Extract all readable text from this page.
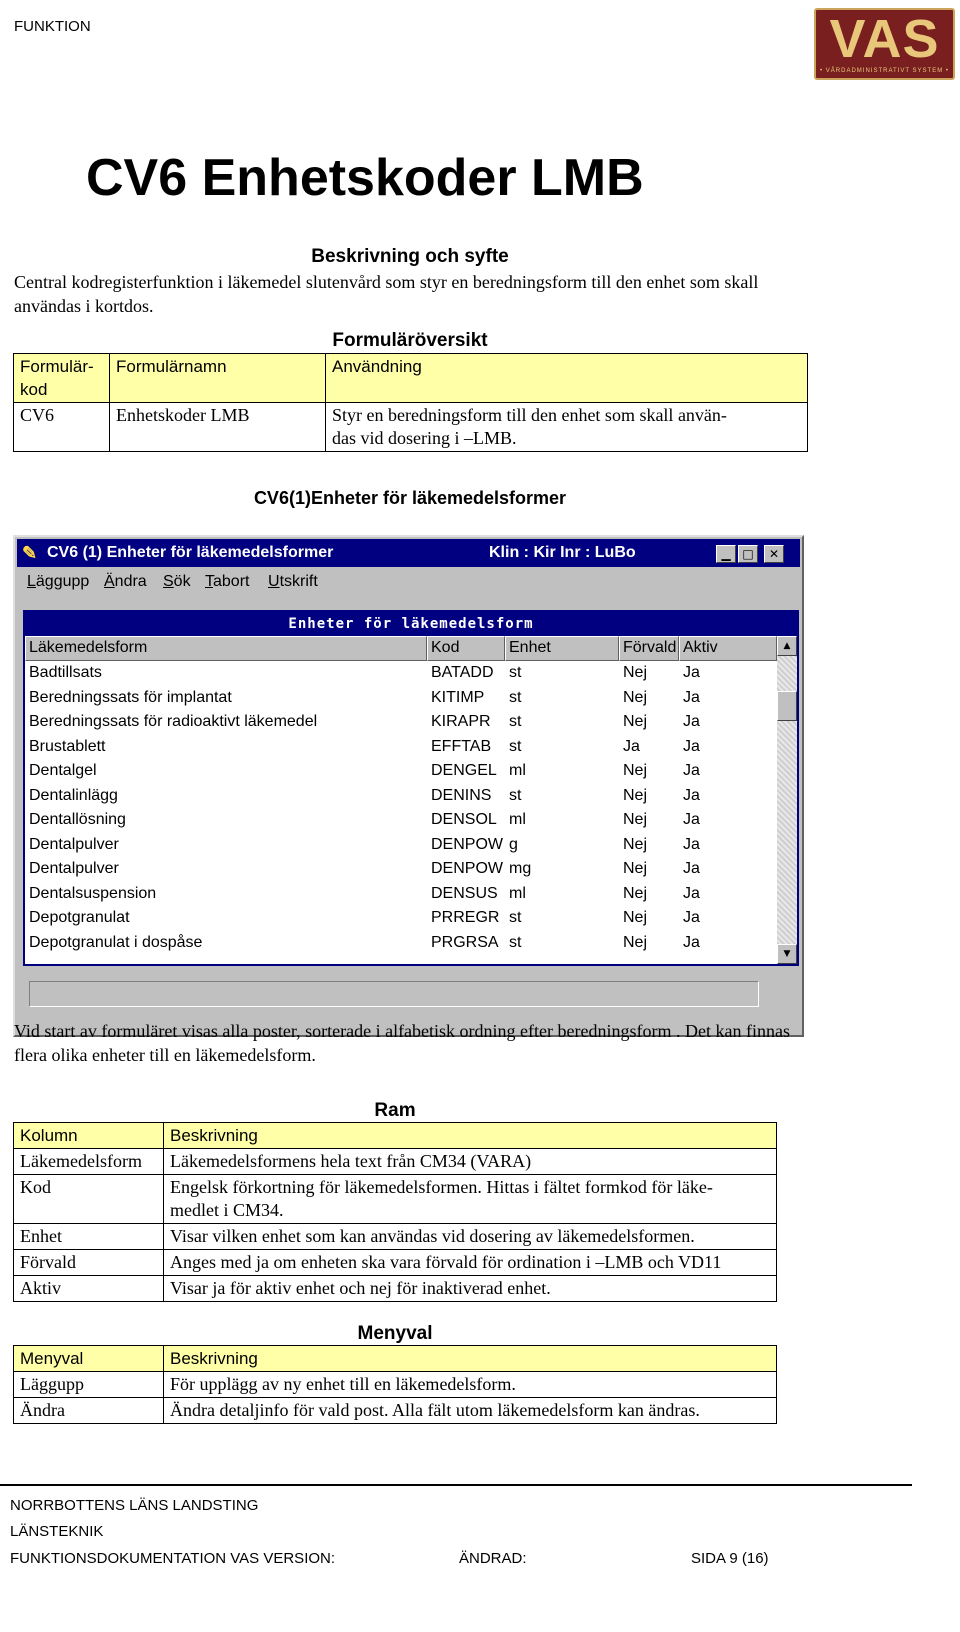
FUNKTION	VAS
• VÅRDADMINISTRATIVT SYSTEM •
CV6 Enhetskoder LMB
Beskrivning och syfte
Central kodregisterfunktion i läkemedel slutenvård som styr en beredningsform till den enhet som skall användas i kortdos.
Formuläröversikt
Formulär-
kod	Formulärnamn	Användning
CV6	Enhetskoder LMB	Styr en beredningsform till den enhet som skall använ-
das vid dosering i –LMB.
CV6(1)Enheter för läkemedelsformer
✎ CV6 (1) Enheter för läkemedelsformer	Klin : Kir Inr : LuBo	▁ □	✕
Läggupp Ändra Sök Tabort Utskrift
Enheter för läkemedelsform
Läkemedelsform	Kod	Enhet	Förvald Aktiv
Badtillsats	BATADD st	Nej Ja
Beredningssats för implantat	KITIMP st	Nej Ja
Beredningssats för radioaktivt läkemedel	KIRAPR st	Nej Ja
Brustablett	EFFTAB st	Ja	Ja
Dentalgel	DENGEL ml	Nej Ja
Dentalinlägg	DENINS st	Nej Ja
Dentallösning	DENSOL ml	Nej Ja
Dentalpulver	DENPOW g	Nej Ja
Dentalpulver	DENPOW mg	Nej Ja
Dentalsuspension	DENSUS ml	Nej Ja
Depotgranulat	PRREGR st	Nej Ja
Depotgranulat i dospåse	PRGRSA st	Nej Ja
▲
▼
Vid start av formuläret visas alla poster, sorterade i alfabetisk ordning efter beredningsform . Det kan finnas flera olika enheter till en läkemedelsform.
Ram
Kolumn	Beskrivning
Läkemedelsform	Läkemedelsformens hela text från CM34 (VARA)
Kod	Engelsk förkortning för läkemedelsformen. Hittas i fältet formkod för läke-
medlet i CM34.
Enhet	Visar vilken enhet som kan användas vid dosering av läkemedelsformen.
Förvald	Anges med ja om enheten ska vara förvald för ordination i –LMB och VD11
Aktiv	Visar ja för aktiv enhet och nej för inaktiverad enhet.
Menyval
Menyval	Beskrivning
Läggupp	För upplägg av ny enhet till en läkemedelsform.
Ändra	Ändra detaljinfo för vald post. Alla fält utom läkemedelsform kan ändras.
NORRBOTTENS LÄNS LANDSTING
LÄNSTEKNIK
FUNKTIONSDOKUMENTATION VAS VERSION:	ÄNDRAD:	SIDA 9 (16)
